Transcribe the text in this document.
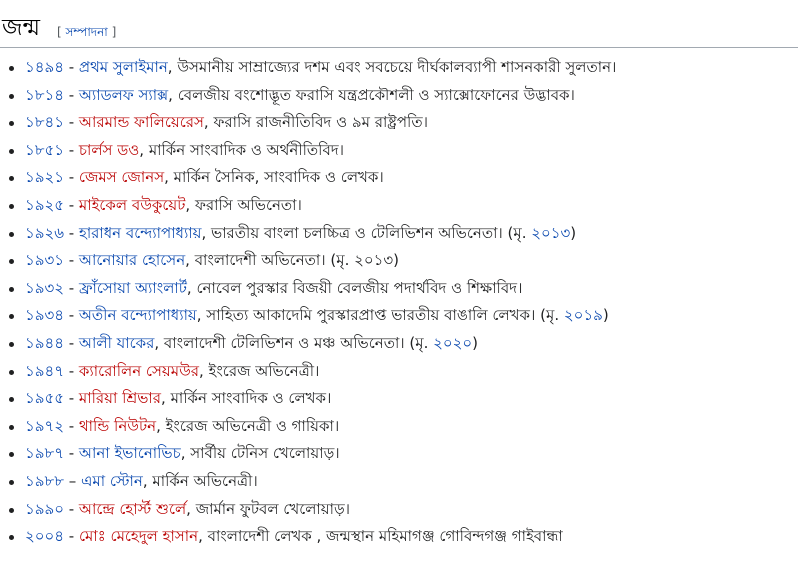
জন্ম [ সম্পাদনা ]
১৪৯৪ - প্রথম সুলাইমান, উসমানীয় সাম্রাজ্যের দশম এবং সবচেয়ে দীর্ঘকালব্যাপী শাসনকারী সুলতান।
১৮১৪ - অ্যাডলফ স্যাক্স, বেলজীয় বংশোদ্ভূত ফরাসি যন্ত্রপ্রকৌশলী ও স্যাক্সোফোনের উদ্ভাবক।
১৮৪১ - আরমান্ড ফালিয়েরেস, ফরাসি রাজনীতিবিদ ও ৯ম রাষ্ট্রপতি।
১৮৫১ - চার্লস ডও, মার্কিন সাংবাদিক ও অর্থনীতিবিদ।
১৯২১ - জেমস জোনস, মার্কিন সৈনিক, সাংবাদিক ও লেখক।
১৯২৫ - মাইকেল বউকুয়েট, ফরাসি অভিনেতা।
১৯২৬ - হারাধন বন্দ্যোপাধ্যায়, ভারতীয় বাংলা চলচ্চিত্র ও টেলিভিশন অভিনেতা। (মৃ. ২০১৩)
১৯৩১ - আনোয়ার হোসেন, বাংলাদেশী অভিনেতা। (মৃ. ২০১৩)
১৯৩২ - ফ্রাঁসোয়া অ্যাংলার্ট, নোবেল পুরস্কার বিজয়ী বেলজীয় পদার্থবিদ ও শিক্ষাবিদ।
১৯৩৪ - অতীন বন্দ্যোপাধ্যায়, সাহিত্য আকাদেমি পুরস্কারপ্রাপ্ত ভারতীয় বাঙালি লেখক। (মৃ. ২০১৯)
১৯৪৪ - আলী যাকের, বাংলাদেশী টেলিভিশন ও মঞ্চ অভিনেতা। (মৃ. ২০২০)
১৯৪৭ - ক্যারোলিন সেয়মউর, ইংরেজ অভিনেত্রী।
১৯৫৫ - মারিয়া শ্রিভার, মার্কিন সাংবাদিক ও লেখক।
১৯৭২ - থান্ডি নিউটন, ইংরেজ অভিনেত্রী ও গায়িকা।
১৯৮৭ - আনা ইভানোভিচ, সার্বীয় টেনিস খেলোয়াড়।
১৯৮৮ – এমা স্টোন, মার্কিন অভিনেত্রী।
১৯৯০ - আন্দ্রে হোর্স্ট শুর্লে, জার্মান ফুটবল খেলোয়াড়।
২০০৪ - মোঃ মেহেদুল হাসান, বাংলাদেশী লেখক , জন্মস্থান মহিমাগঞ্জ গোবিন্দগঞ্জ গাইবান্ধা
